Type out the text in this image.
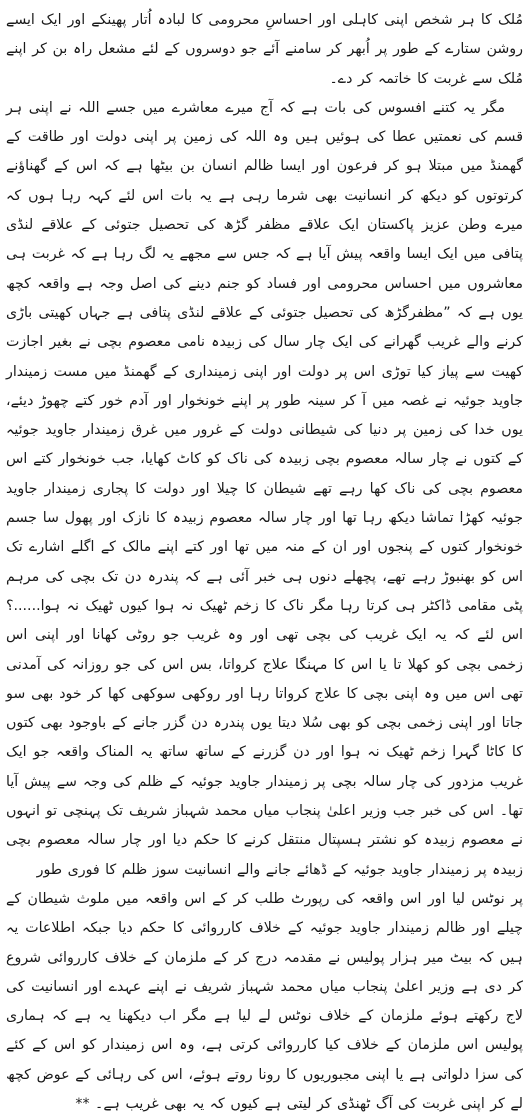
مُلک کا ہر شخص اپنی کاہلی اور احساسِ محرومی کا لبادہ اُتار پھینکے اور ایک ایسے روشن ستارے کے طور پر اُبھر کر سامنے آئے جو دوسروں کے لئے مشعل راہ بن کر اپنے مُلک سے غربت کا خاتمہ کر دے۔

مگر یہ کتنے افسوس کی بات ہے کہ آج میرے معاشرے میں جسے اللہ نے اپنی ہر قسم کی نعمتیں عطا کی ہوئیں ہیں وہ اللہ کی زمین پر اپنی دولت اور طاقت کے گھمنڈ میں مبتلا ہو کر فرعون اور ایسا ظالم انسان بن بیٹھا ہے کہ اس کے گھناؤنے کرتوتوں کو دیکھ کر انسانیت بھی شرما رہی ہے یہ بات اس لئے کہہ رہا ہوں کہ میرے وطن عزیز پاکستان ایک علاقے مظفر گڑھ کی تحصیل جتوئی کے علاقے لنڈی پتافی میں ایک ایسا واقعہ پیش آیا ہے کہ جس سے مجھے یہ لگ رہا ہے کہ غربت ہی معاشروں میں احساس محرومی اور فساد کو جنم دینے کی اصل وجہ ہے واقعہ کچھ یوں ہے کہ ”مظفرگڑھ کی تحصیل جتوئی کے علاقے لنڈی پتافی ہے جہاں کھیتی باڑی کرنے والے غریب گھرانے کی ایک چار سال کی زبیدہ نامی معصوم بچی نے بغیر اجازت کھیت سے پیاز کیا توڑی اس پر دولت اور اپنی زمینداری کے گھمنڈ میں مست زمیندار جاوید جوئیہ نے غصہ میں آ کر سینہ طور پر اپنے خونخوار اور آدم خور کتے چھوڑ دیئے، یوں خدا کی زمین پر دنیا کی شیطانی دولت کے غرور میں غرق زمیندار جاوید جوئیہ کے کتوں نے چار سالہ معصوم بچی زبیدہ کی ناک کو کاٹ کھایا، جب خونخوار کتے اس معصوم بچی کی ناک کھا رہے تھے شیطان کا چیلا اور دولت کا پجاری زمیندار جاوید جوئیہ کھڑا تماشا دیکھ رہا تھا اور چار سالہ معصوم زبیدہ کا نازک اور پھول سا جسم خونخوار کتوں کے پنجوں اور ان کے منہ میں تھا اور کتے اپنے مالک کے اگلے اشارے تک اس کو بھنبوڑ رہے تھے، پچھلے دنوں ہی خبر آئی ہے کہ پندرہ دن تک بچی کی مرہم پٹی مقامی ڈاکٹر ہی کرتا رہا مگر ناک کا زخم ٹھیک نہ ہوا کیوں ٹھیک نہ ہوا......؟ اس لئے کہ یہ ایک غریب کی بچی تھی اور وہ غریب جو روٹی کھانا اور اپنی اس زخمی بچی کو کھلا تا یا اس کا مہنگا علاج کرواتا، بس اس کی جو روزانہ کی آمدنی تھی اس میں وہ اپنی بچی کا علاج کرواتا رہا اور روکھی سوکھی کھا کر خود بھی سو جاتا اور اپنی زخمی بچی کو بھی سُلا دیتا یوں پندرہ دن گزر جانے کے باوجود بھی کتوں کا کاٹا گہرا زخم ٹھیک نہ ہوا اور دن گزرنے کے ساتھ ساتھ یہ المناک واقعہ جو ایک غریب مزدور کی چار سالہ بچی پر زمیندار جاوید جوئیہ کے ظلم کی وجہ سے پیش آیا تھا۔ اس کی خبر جب وزیر اعلیٰ پنجاب میاں محمد شہباز شریف تک پہنچی تو انہوں نے معصوم زبیدہ کو نشتر ہسپتال منتقل کرنے کا حکم دیا اور چار سالہ معصوم بچی زبیدہ پر زمیندار جاوید جوئیہ کے ڈھائے جانے والے انسانیت سوز ظلم کا فوری طور

پر نوٹس لیا اور اس واقعہ کی رپورٹ طلب کر کے اس واقعہ میں ملوث شیطان کے چیلے اور ظالم زمیندار جاوید جوئیہ کے خلاف کارروائی کا حکم دیا جبکہ اطلاعات یہ ہیں کہ بیٹ میر ہزار پولیس نے مقدمہ درج کر کے ملزمان کے خلاف کارروائی شروع کر دی ہے وزیر اعلیٰ پنجاب میاں محمد شہباز شریف نے اپنے عہدے اور انسانیت کی لاج رکھتے ہوئے ملزمان کے خلاف نوٹس لے لیا ہے مگر اب دیکھنا یہ ہے کہ ہماری پولیس اس ملزمان کے خلاف کیا کارروائی کرتی ہے، وہ اس زمیندار کو اس کے کئے کی سزا دلواتی ہے یا اپنی مجبوریوں کا رونا روتے ہوئے، اس کی رہائی کے عوض کچھ لے کر اپنی غربت کی آگ ٹھنڈی کر لیتی ہے کیوں کہ یہ بھی غریب ہے۔ **
